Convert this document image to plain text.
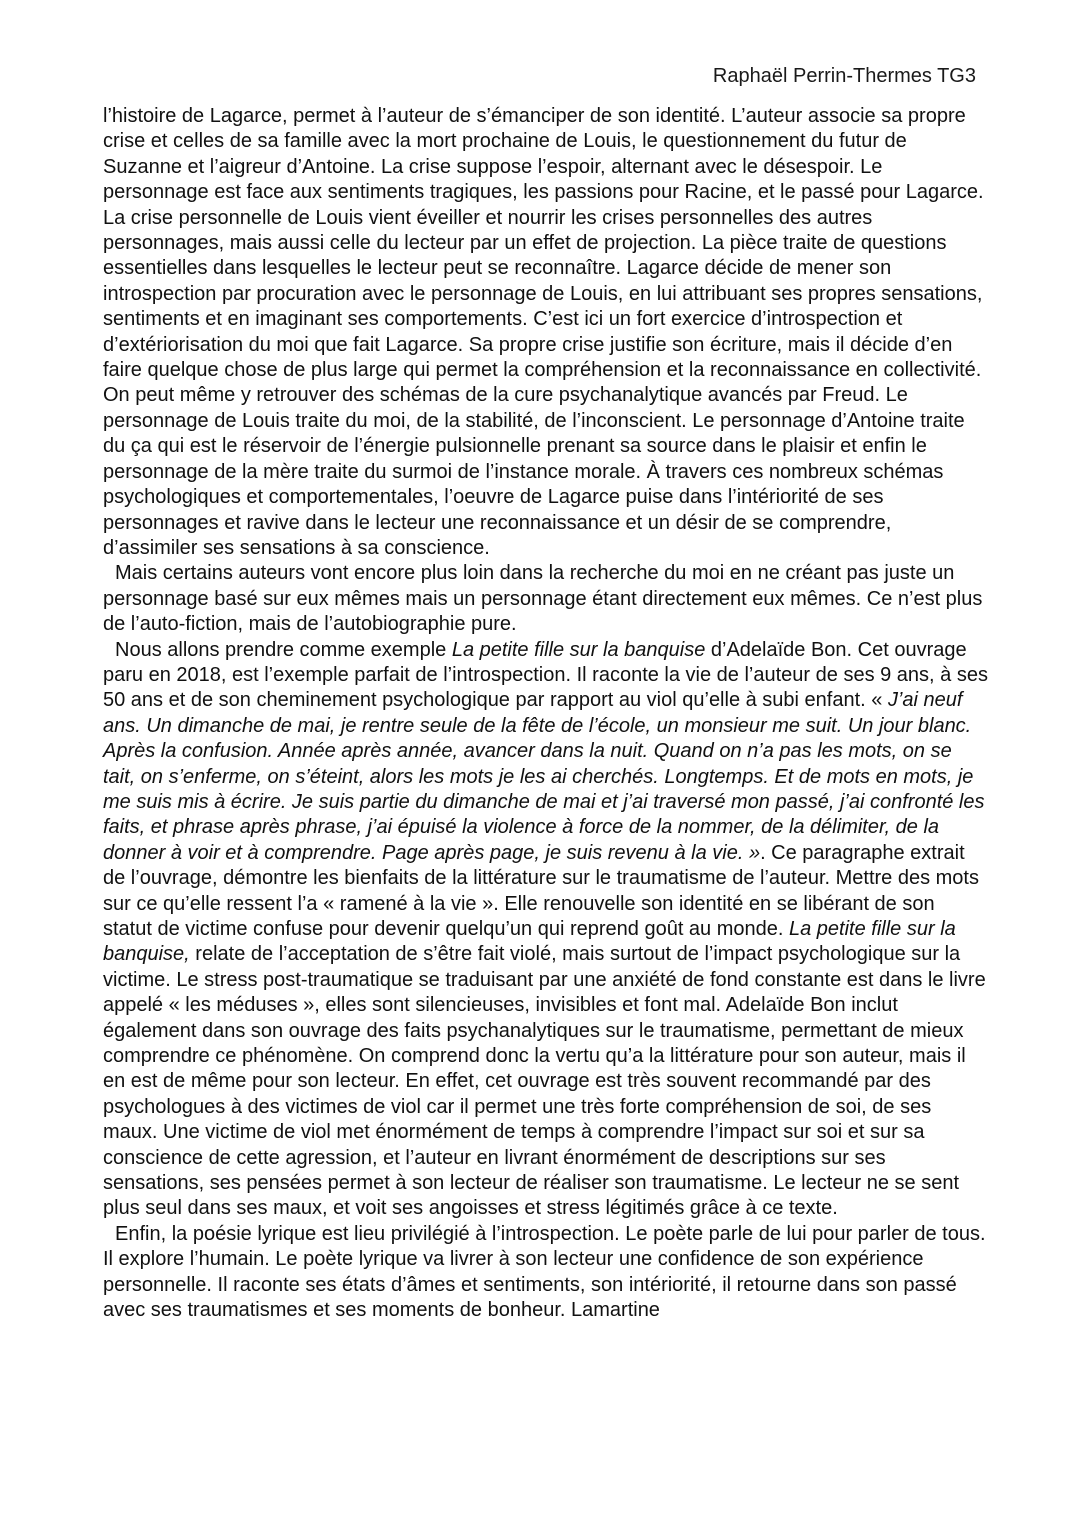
Raphaël Perrin-Thermes TG3

l’histoire de Lagarce, permet à l’auteur de s’émanciper de son identité. L’auteur associe sa propre crise et celles de sa famille avec la mort prochaine de Louis, le questionnement du futur de Suzanne et l’aigreur d’Antoine. La crise suppose l’espoir, alternant avec le désespoir. Le personnage est face aux sentiments tragiques, les passions pour Racine, et le passé pour Lagarce. La crise personnelle de Louis vient éveiller et nourrir les crises personnelles des autres personnages, mais aussi celle du lecteur par un effet de projection. La pièce traite de questions essentielles dans lesquelles le lecteur peut se reconnaître. Lagarce décide de mener son introspection par procuration avec le personnage de Louis, en lui attribuant ses propres sensations, sentiments et en imaginant ses comportements. C’est ici un fort exercice d’introspection et d’extériorisation du moi que fait Lagarce. Sa propre crise justifie son écriture, mais il décide d’en faire quelque chose de plus large qui permet la compréhension et la reconnaissance en collectivité. On peut même y retrouver des schémas de la cure psychanalytique avancés par Freud. Le personnage de Louis traite du moi, de la stabilité, de l’inconscient. Le personnage d’Antoine traite du ça qui est le réservoir de l’énergie pulsionnelle prenant sa source dans le plaisir et enfin le personnage de la mère traite du surmoi de l’instance morale. À travers ces nombreux schémas psychologiques et comportementales, l’oeuvre de Lagarce puise dans l’intériorité de ses personnages et ravive dans le lecteur une reconnaissance et un désir de se comprendre, d’assimiler ses sensations à sa conscience.

Mais certains auteurs vont encore plus loin dans la recherche du moi en ne créant pas juste un personnage basé sur eux mêmes mais un personnage étant directement eux mêmes. Ce n’est plus de l’auto-fiction, mais de l’autobiographie pure.

Nous allons prendre comme exemple La petite fille sur la banquise d’Adelaïde Bon. Cet ouvrage paru en 2018, est l’exemple parfait de l’introspection. Il raconte la vie de l’auteur de ses 9 ans, à ses 50 ans et de son cheminement psychologique par rapport au viol qu’elle à subi enfant. « J’ai neuf ans. Un dimanche de mai, je rentre seule de la fête de l’école, un monsieur me suit. Un jour blanc. Après la confusion. Année après année, avancer dans la nuit. Quand on n’a pas les mots, on se tait, on s’enferme, on s’éteint, alors les mots je les ai cherchés. Longtemps. Et de mots en mots, je me suis mis à écrire. Je suis partie du dimanche de mai et j’ai traversé mon passé, j’ai confronté les faits, et phrase après phrase, j’ai épuisé la violence à force de la nommer, de la délimiter, de la donner à voir et à comprendre. Page après page, je suis revenu à la vie. ». Ce paragraphe extrait de l’ouvrage, démontre les bienfaits de la littérature sur le traumatisme de l’auteur. Mettre des mots sur ce qu’elle ressent l’a « ramené à la vie ». Elle renouvelle son identité en se libérant de son statut de victime confuse pour devenir quelqu’un qui reprend goût au monde. La petite fille sur la banquise, relate de l’acceptation de s’être fait violé, mais surtout de l’impact psychologique sur la victime. Le stress post-traumatique se traduisant par une anxiété de fond constante est dans le livre appelé « les méduses », elles sont silencieuses, invisibles et font mal. Adelaïde Bon inclut également dans son ouvrage des faits psychanalytiques sur le traumatisme, permettant de mieux comprendre ce phénomène. On comprend donc la vertu qu’a la littérature pour son auteur, mais il en est de même pour son lecteur. En effet, cet ouvrage est très souvent recommandé par des psychologues à des victimes de viol car il permet une très forte compréhension de soi, de ses maux. Une victime de viol met énormément de temps à comprendre l’impact sur soi et sur sa conscience de cette agression, et l’auteur en livrant énormément de descriptions sur ses sensations, ses pensées permet à son lecteur de réaliser son traumatisme. Le lecteur ne se sent plus seul dans ses maux, et voit ses angoisses et stress légitimés grâce à ce texte.

Enfin, la poésie lyrique est lieu privilégié à l’introspection. Le poète parle de lui pour parler de tous. Il explore l’humain. Le poète lyrique va livrer à son lecteur une confidence de son expérience personnelle. Il raconte ses états d’âmes et sentiments, son intériorité, il retourne dans son passé avec ses traumatismes et ses moments de bonheur. Lamartine
